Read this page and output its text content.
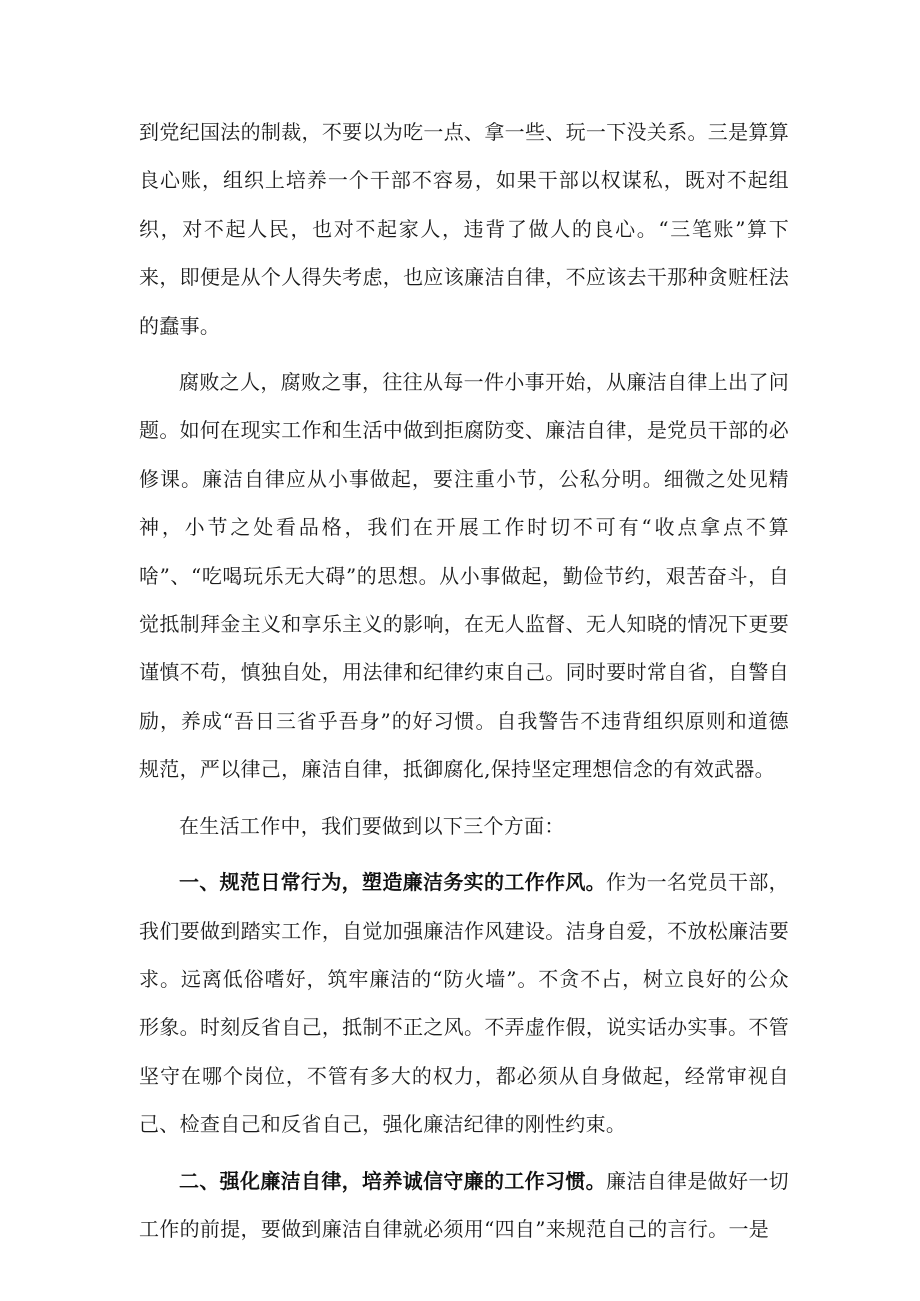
到党纪国法的制裁，不要以为吃一点、拿一些、玩一下没关系。三是算算良心账，组织上培养一个干部不容易，如果干部以权谋私，既对不起组织，对不起人民，也对不起家人，违背了做人的良心。“三笔账”算下来，即便是从个人得失考虑，也应该廉洁自律，不应该去干那种贪赃枉法的蠢事。

腐败之人，腐败之事，往往从每一件小事开始，从廉洁自律上出了问题。如何在现实工作和生活中做到拒腐防变、廉洁自律，是党员干部的必修课。廉洁自律应从小事做起，要注重小节，公私分明。细微之处见精神，小节之处看品格，我们在开展工作时切不可有“收点拿点不算啥”、“吃喝玩乐无大碍”的思想。从小事做起，勤俭节约，艰苦奋斗，自觉抵制拜金主义和享乐主义的影响，在无人监督、无人知晓的情况下更要谨慎不苟，慎独自处，用法律和纪律约束自己。同时要时常自省，自警自励，养成“吾日三省乎吾身”的好习惯。自我警告不违背组织原则和道德规范，严以律己，廉洁自律，抵御腐化,保持坚定理想信念的有效武器。

在生活工作中，我们要做到以下三个方面：

一、规范日常行为，塑造廉洁务实的工作作风。作为一名党员干部，我们要做到踏实工作，自觉加强廉洁作风建设。洁身自爱，不放松廉洁要求。远离低俗嗜好，筑牢廉洁的“防火墙”。不贪不占，树立良好的公众形象。时刻反省自己，抵制不正之风。不弄虚作假，说实话办实事。不管坚守在哪个岗位，不管有多大的权力，都必须从自身做起，经常审视自己、检查自己和反省自己，强化廉洁纪律的刚性约束。

二、强化廉洁自律，培养诚信守廉的工作习惯。廉洁自律是做好一切工作的前提，要做到廉洁自律就必须用“四自”来规范自己的言行。一是
